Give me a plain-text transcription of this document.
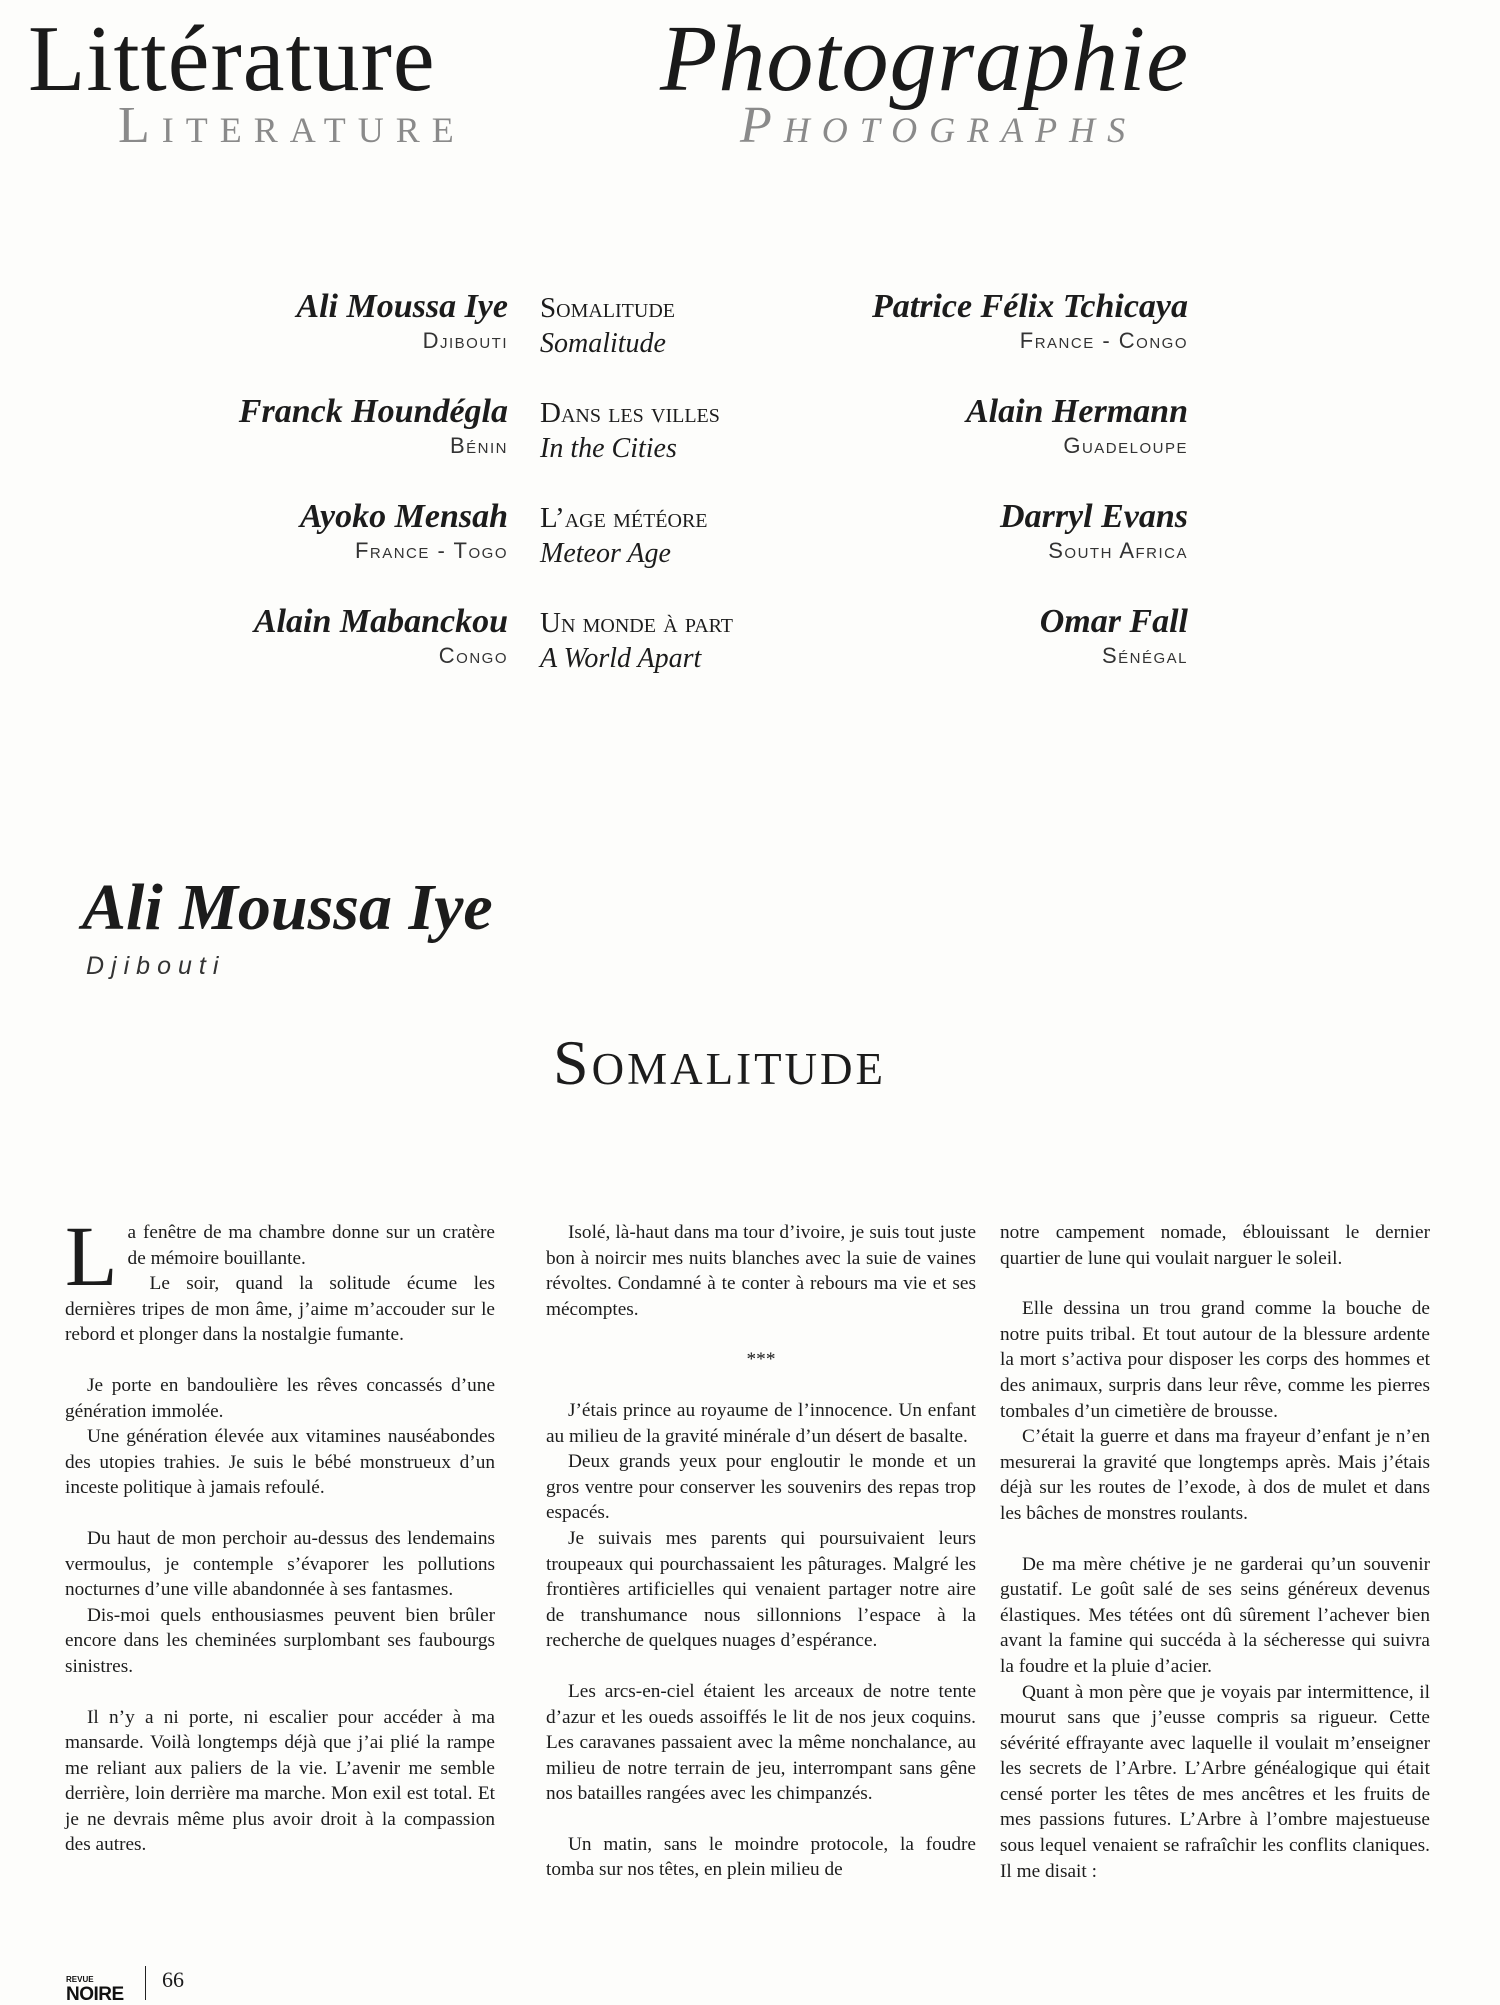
Littérature
Literature
Photographie
Photographs
Ali Moussa Iye
Djibouti
Somalitude
Somalitude
Patrice Félix Tchicaya
France - Congo
Franck Houndégla
Bénin
Dans les villes
In the Cities
Alain Hermann
Guadeloupe
Ayoko Mensah
France - Togo
L’age météore
Meteor Age
Darryl Evans
South Africa
Alain Mabanckou
Congo
Un monde à part
A World Apart
Omar Fall
Sénégal
Ali Moussa Iye
Djibouti
Somalitude

La fenêtre de ma chambre donne sur un cratère de mémoire bouillante.

Le soir, quand la solitude écume les dernières tripes de mon âme, j’aime m’accouder sur le rebord et plonger dans la nostalgie fumante.

Je porte en bandoulière les rêves concassés d’une génération immolée.

Une génération élevée aux vitamines nauséabondes des utopies trahies. Je suis le bébé monstrueux d’un inceste politique à jamais refoulé.

Du haut de mon perchoir au-dessus des lendemains vermoulus, je contemple s’évaporer les pollutions nocturnes d’une ville abandonnée à ses fantasmes.

Dis-moi quels enthousiasmes peuvent bien brûler encore dans les cheminées surplombant ses faubourgs sinistres.

Il n’y a ni porte, ni escalier pour accéder à ma mansarde. Voilà longtemps déjà que j’ai plié la rampe me reliant aux paliers de la vie. L’avenir me semble derrière, loin derrière ma marche. Mon exil est total. Et je ne devrais même plus avoir droit à la compassion des autres.

Isolé, là-haut dans ma tour d’ivoire, je suis tout juste bon à noircir mes nuits blanches avec la suie de vaines révoltes. Condamné à te conter à rebours ma vie et ses mécomptes.

***

J’étais prince au royaume de l’innocence. Un enfant au milieu de la gravité minérale d’un désert de basalte.

Deux grands yeux pour engloutir le monde et un gros ventre pour conserver les souvenirs des repas trop espacés.

Je suivais mes parents qui poursuivaient leurs troupeaux qui pourchassaient les pâturages. Malgré les frontières artificielles qui venaient partager notre aire de transhumance nous sillonnions l’espace à la recherche de quelques nuages d’espérance.

Les arcs-en-ciel étaient les arceaux de notre tente d’azur et les oueds assoiffés le lit de nos jeux coquins. Les caravanes passaient avec la même nonchalance, au milieu de notre terrain de jeu, interrompant sans gêne nos batailles rangées avec les chimpanzés.

Un matin, sans le moindre protocole, la foudre tomba sur nos têtes, en plein milieu de

notre campement nomade, éblouissant le dernier quartier de lune qui voulait narguer le soleil.

Elle dessina un trou grand comme la bouche de notre puits tribal. Et tout autour de la blessure ardente la mort s’activa pour disposer les corps des hommes et des animaux, surpris dans leur rêve, comme les pierres tombales d’un cimetière de brousse.

C’était la guerre et dans ma frayeur d’enfant je n’en mesurerai la gravité que longtemps après. Mais j’étais déjà sur les routes de l’exode, à dos de mulet et dans les bâches de monstres roulants.

De ma mère chétive je ne garderai qu’un souvenir gustatif. Le goût salé de ses seins généreux devenus élastiques. Mes tétées ont dû sûrement l’achever bien avant la famine qui succéda à la sécheresse qui suivra la foudre et la pluie d’acier.

Quant à mon père que je voyais par intermittence, il mourut sans que j’eusse compris sa rigueur. Cette sévérité effrayante avec laquelle il voulait m’enseigner les secrets de l’Arbre. L’Arbre généalogique qui était censé porter les têtes de mes ancêtres et les fruits de mes passions futures. L’Arbre à l’ombre majestueuse sous lequel venaient se rafraîchir les conflits claniques. Il me disait :

REVUE
NOIRE
66
